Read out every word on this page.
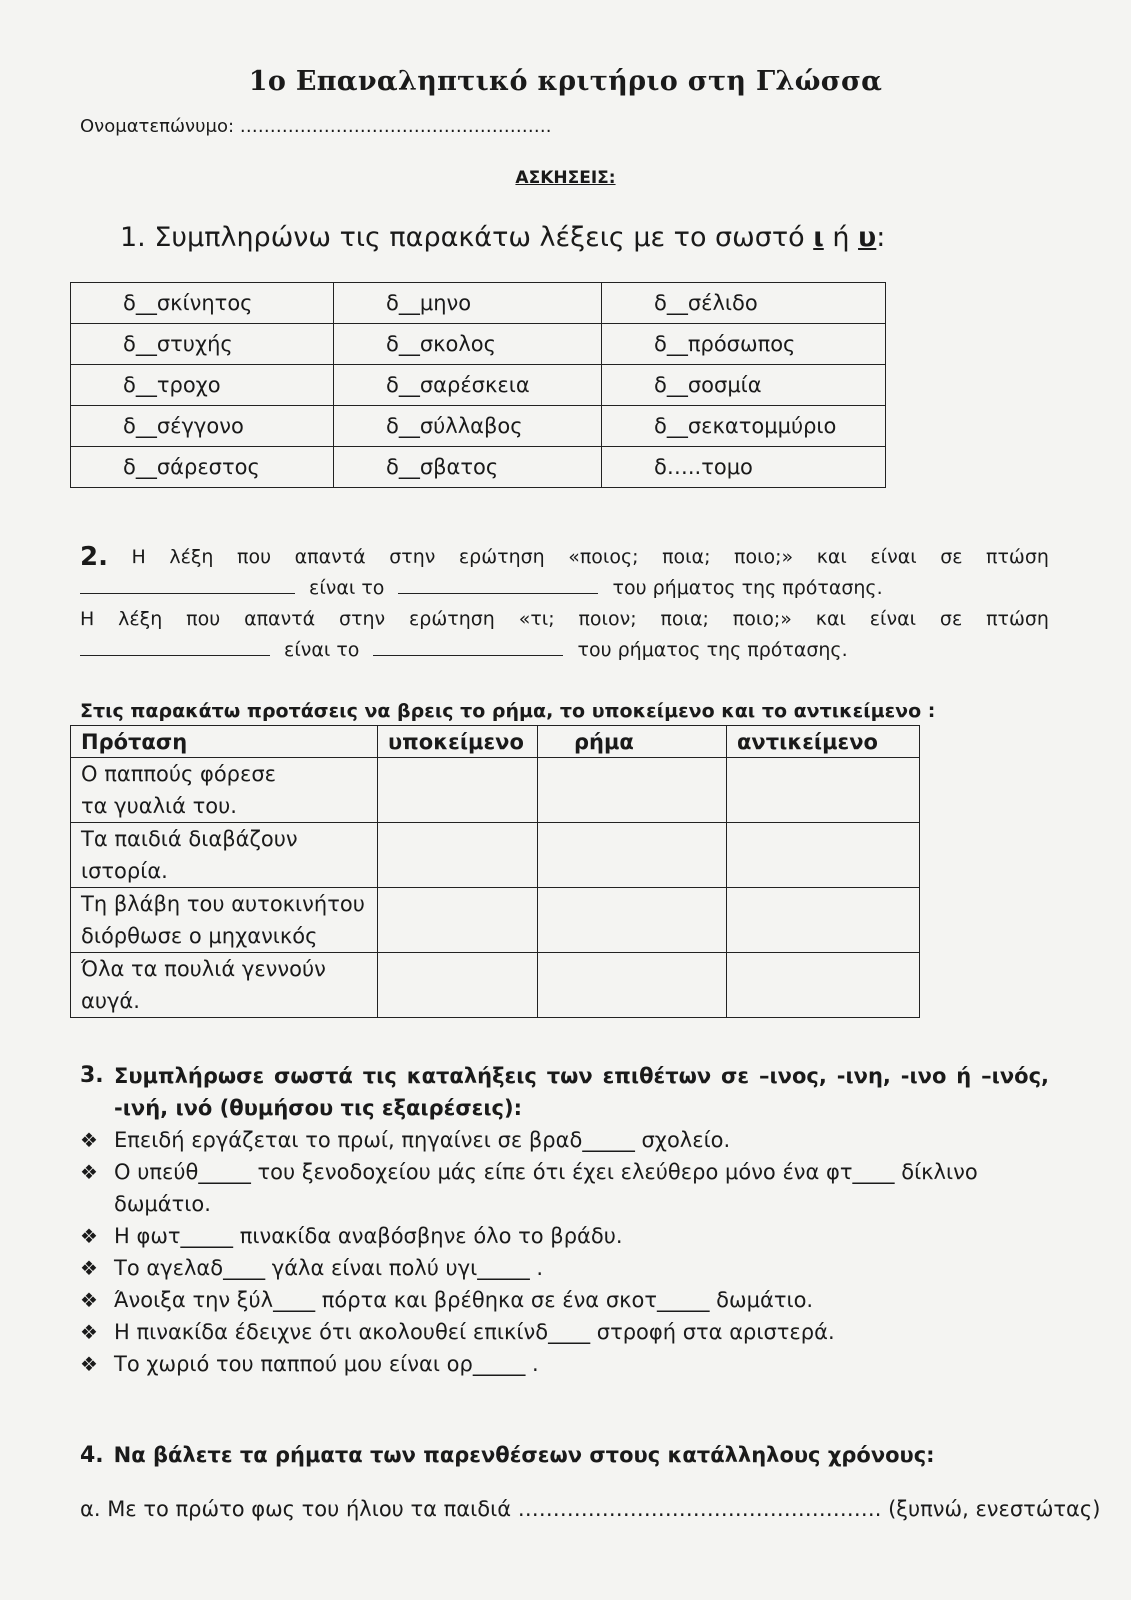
1ο Επαναληπτικό κριτήριο στη Γλώσσα
Ονοματεπώνυμο: …………………………………………….
ΑΣΚΗΣΕΙΣ:
1. Συμπληρώνω τις παρακάτω λέξεις με το σωστό ι ή υ:
δ__σκίνητος	δ__μηνο	δ__σέλιδο
δ__στυχής	δ__σκολος	δ__πρόσωπος
δ__τροχο	δ__σαρέσκεια	δ__σοσμία
δ__σέγγονο	δ__σύλλαβος	δ__σεκατομμύριο
δ__σάρεστος	δ__σβατος	δ…..τομο
2. Η λέξη που απαντά στην ερώτηση «ποιος; ποια; ποιο;» και είναι σε πτώση
είναι το	του ρήματος της πρότασης.
Η λέξη που απαντά στην ερώτηση «τι; ποιον; ποια; ποιο;» και είναι σε πτώση
είναι το	του ρήματος της πρότασης.
Στις παρακάτω προτάσεις να βρεις το ρήμα, το υποκείμενο και το αντικείμενο :
Πρόταση	υποκείμενο	ρήμα	αντικείμενο

Ο παππούς φόρεσε
τα γυαλιά του.			

Τα παιδιά διαβάζουν
ιστορία.			

Τη βλάβη του αυτοκινήτου
διόρθωσε ο μηχανικός			

Όλα τα πουλιά γεννούν
αυγά.			

3. Συμπλήρωσε σωστά τις καταλήξεις των επιθέτων σε –ινος, -ινη, -ινο ή –ινός, -ινή, ινό (θυμήσου τις εξαιρέσεις):
❖ Επειδή εργάζεται το πρωί, πηγαίνει σε βραδ_____ σχολείο.
❖ Ο υπεύθ_____ του ξενοδοχείου μάς είπε ότι έχει ελεύθερο μόνο ένα φτ____ δίκλινο δωμάτιο.
❖ Η φωτ_____ πινακίδα αναβόσβηνε όλο το βράδυ.
❖ Το αγελαδ____ γάλα είναι πολύ υγι_____ .
❖ Άνοιξα την ξύλ____ πόρτα και βρέθηκα σε ένα σκοτ_____ δωμάτιο.
❖ Η πινακίδα έδειχνε ότι ακολουθεί επικίνδ____ στροφή στα αριστερά.
❖ Το χωριό του παππού μου είναι ορ_____ .
4. Να βάλετε τα ρήματα των παρενθέσεων στους κατάλληλους χρόνους:
α. Με το πρώτο φως του ήλιου τα παιδιά ……………………………………………. (ξυπνώ, ενεστώτας)
